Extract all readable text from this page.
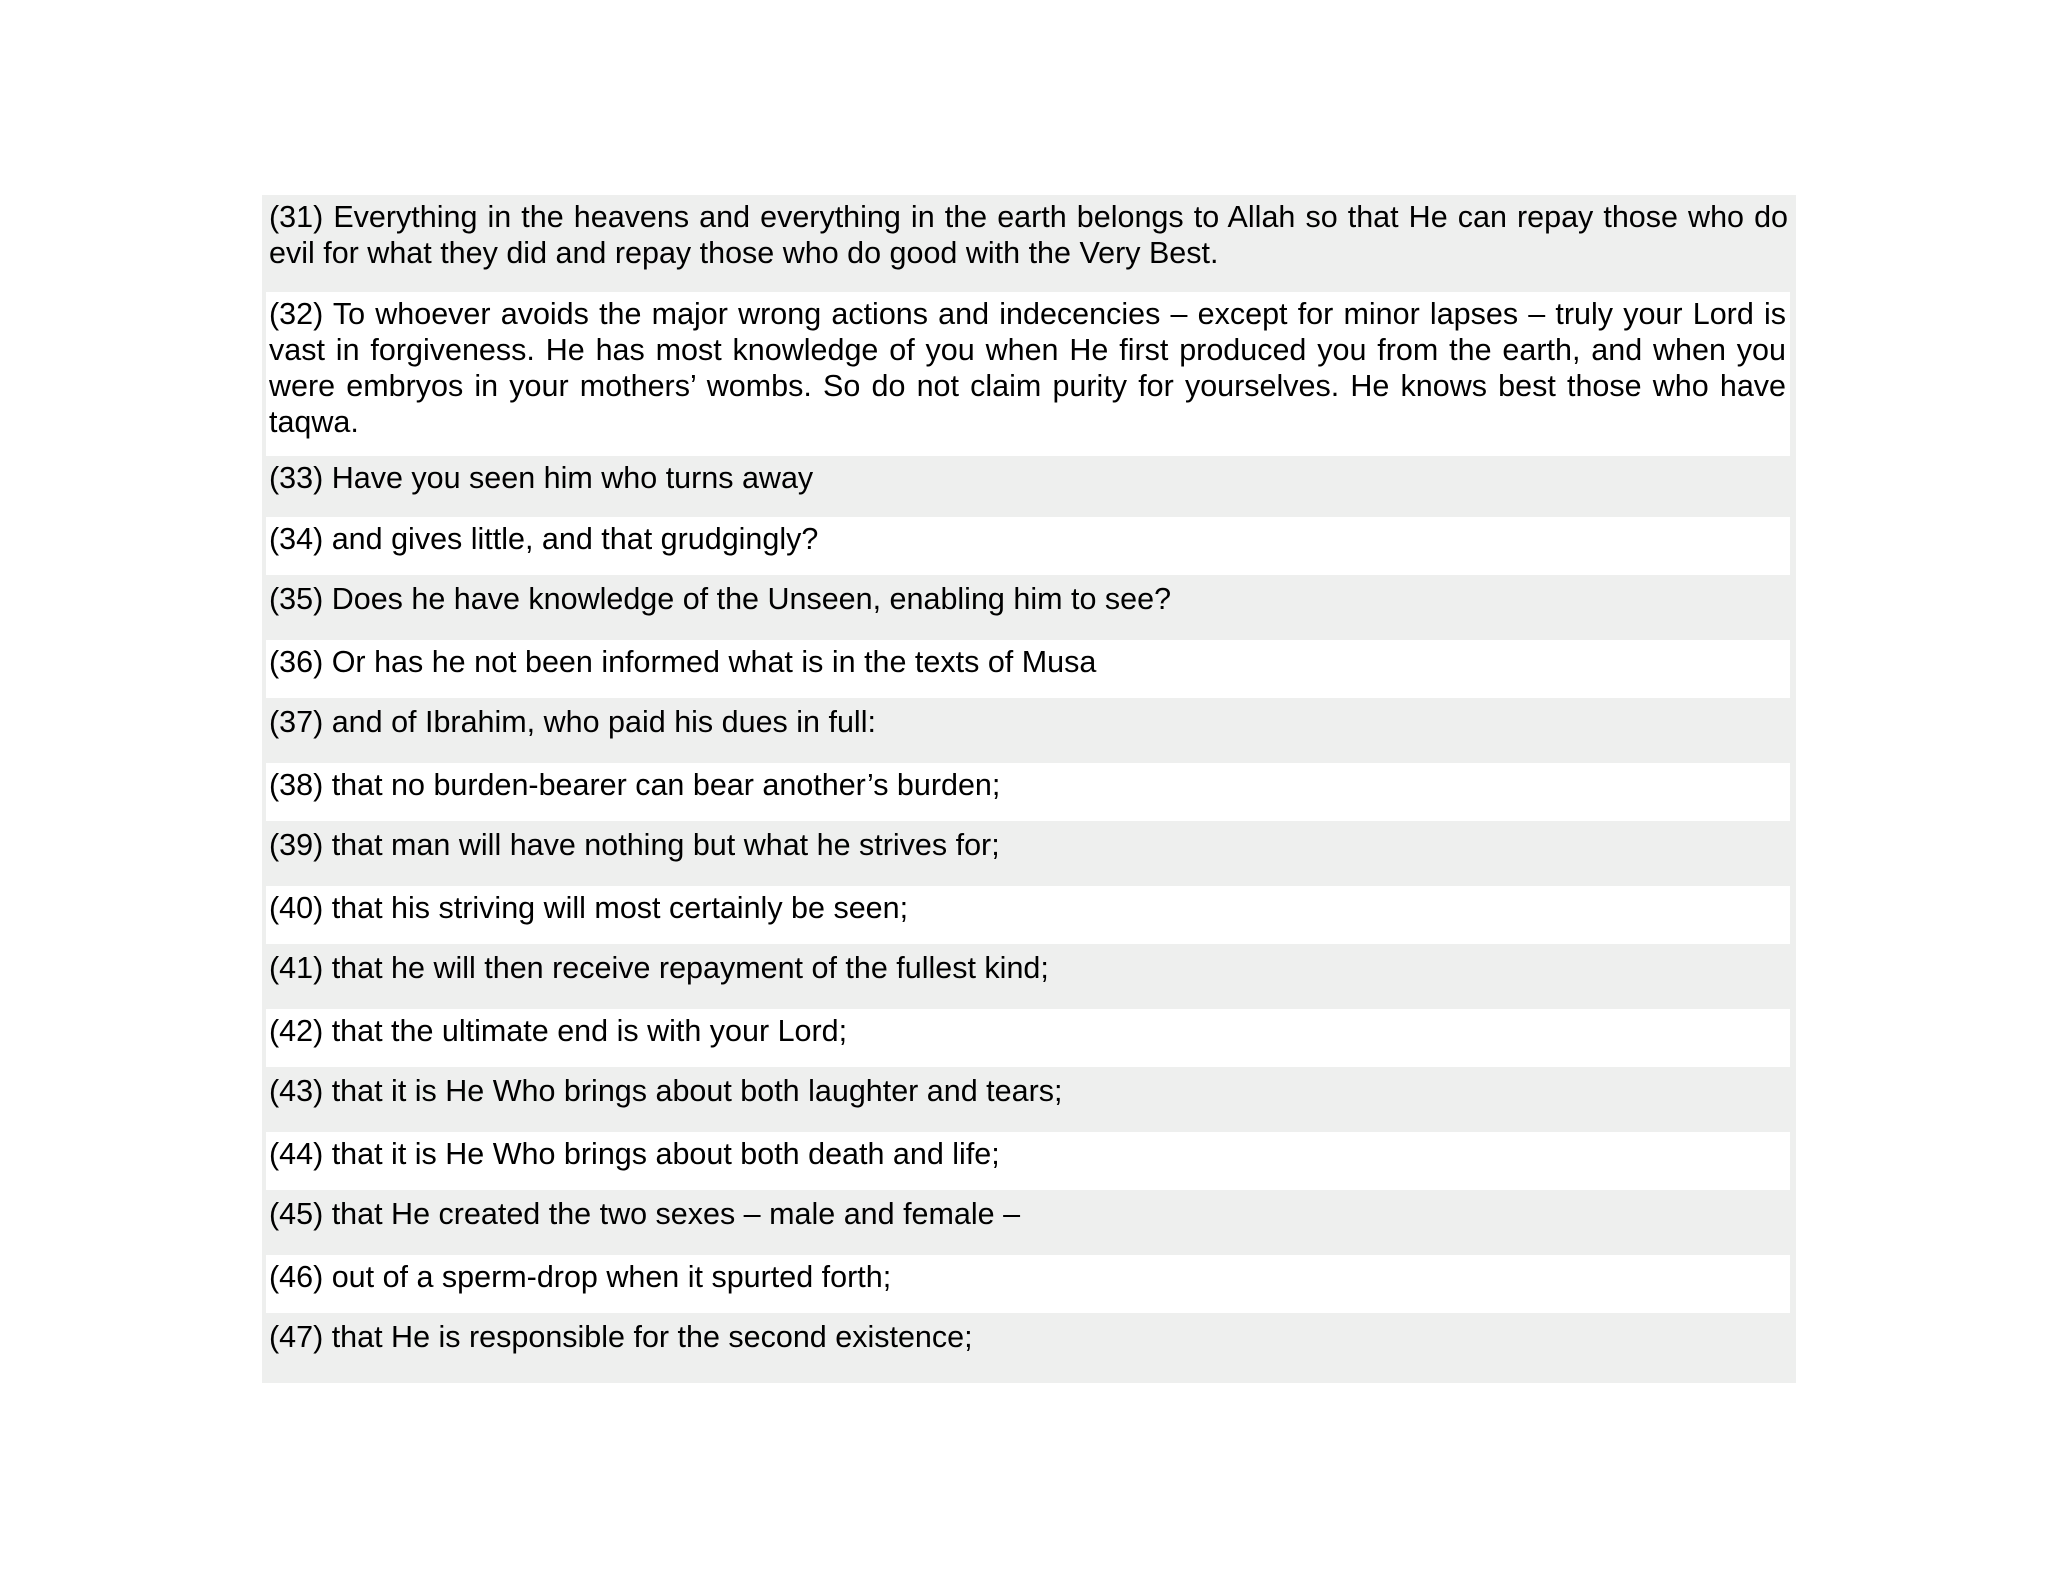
(31) Everything in the heavens and everything in the earth belongs to Allah so that He can repay those who do evil for what they did and repay those who do good with the Very Best.

(32) To whoever avoids the major wrong actions and indecencies – except for minor lapses – truly your Lord is vast in forgiveness. He has most knowledge of you when He first produced you from the earth, and when you were embryos in your mothers’ wombs. So do not claim purity for yourselves. He knows best those who have taqwa.

(33) Have you seen him who turns away

(34) and gives little, and that grudgingly?

(35) Does he have knowledge of the Unseen, enabling him to see?

(36) Or has he not been informed what is in the texts of Musa

(37) and of Ibrahim, who paid his dues in full:

(38) that no burden-bearer can bear another’s burden;

(39) that man will have nothing but what he strives for;

(40) that his striving will most certainly be seen;

(41) that he will then receive repayment of the fullest kind;

(42) that the ultimate end is with your Lord;

(43) that it is He Who brings about both laughter and tears;

(44) that it is He Who brings about both death and life;

(45) that He created the two sexes – male and female –

(46) out of a sperm-drop when it spurted forth;

(47) that He is responsible for the second existence;
